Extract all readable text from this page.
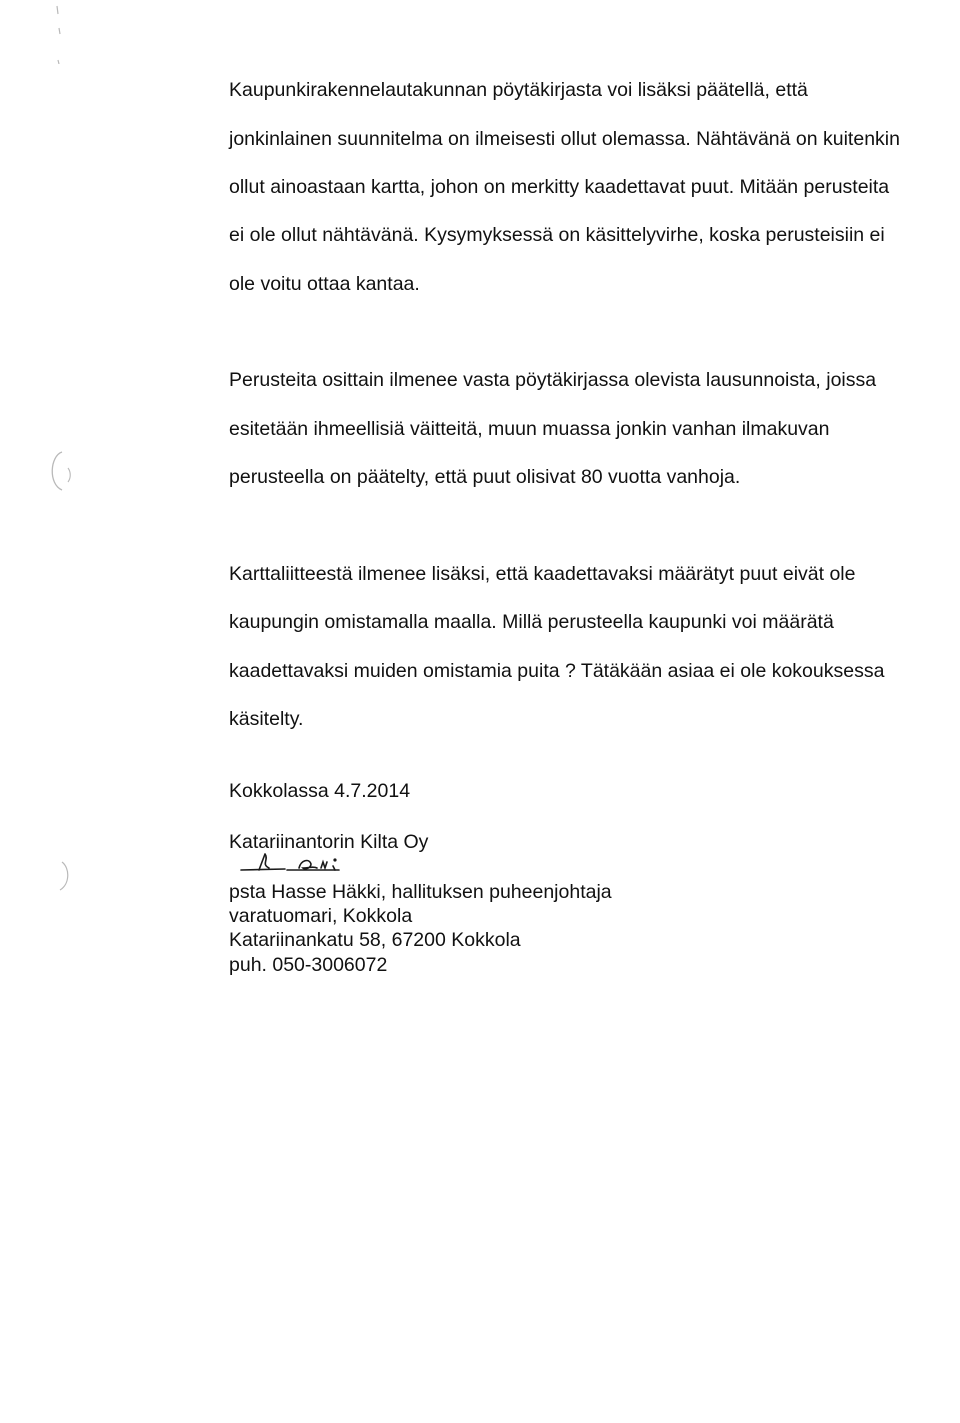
Kaupunkirakennelautakunnan pöytäkirjasta voi lisäksi päätellä, että

jonkinlainen suunnitelma on ilmeisesti ollut olemassa. Nähtävänä on kuitenkin

ollut ainoastaan kartta, johon on merkitty kaadettavat puut. Mitään perusteita

ei ole ollut nähtävänä. Kysymyksessä on käsittelyvirhe, koska perusteisiin ei

ole voitu ottaa kantaa.

Perusteita osittain ilmenee vasta pöytäkirjassa olevista lausunnoista, joissa

esitetään ihmeellisiä väitteitä, muun muassa jonkin vanhan ilmakuvan

perusteella on päätelty, että puut olisivat 80 vuotta vanhoja.

Karttaliitteestä ilmenee lisäksi, että kaadettavaksi määrätyt puut eivät ole

kaupungin omistamalla maalla. Millä perusteella kaupunki voi määrätä

kaadettavaksi muiden omistamia puita ? Tätäkään asiaa ei ole kokouksessa

käsitelty.

Kokkolassa 4.7.2014

Katariinantorin Kilta Oy

psta Hasse Häkki, hallituksen puheenjohtaja
varatuomari, Kokkola
Katariinankatu 58, 67200 Kokkola
puh. 050-3006072
